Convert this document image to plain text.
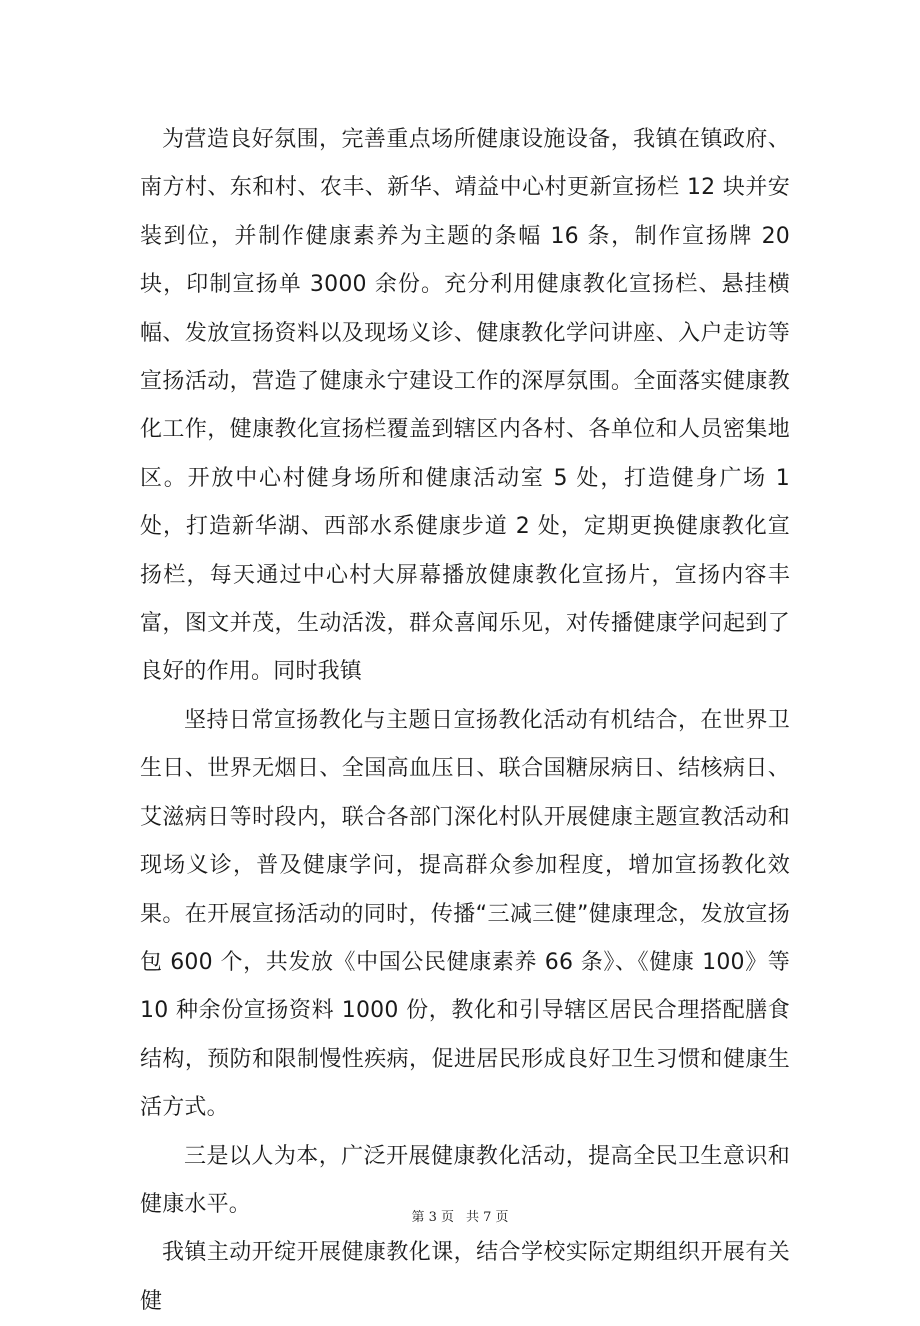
为营造良好氛围，完善重点场所健康设施设备，我镇在镇政府、南方村、东和村、农丰、新华、靖益中心村更新宣扬栏 12 块并安装到位，并制作健康素养为主题的条幅 16 条，制作宣扬牌 20 块，印制宣扬单 3000 余份。充分利用健康教化宣扬栏、悬挂横幅、发放宣扬资料以及现场义诊、健康教化学问讲座、入户走访等宣扬活动，营造了健康永宁建设工作的深厚氛围。全面落实健康教化工作，健康教化宣扬栏覆盖到辖区内各村、各单位和人员密集地区。开放中心村健身场所和健康活动室 5 处，打造健身广场 1 处，打造新华湖、西部水系健康步道 2 处，定期更换健康教化宣扬栏，每天通过中心村大屏幕播放健康教化宣扬片，宣扬内容丰富，图文并茂，生动活泼，群众喜闻乐见，对传播健康学问起到了良好的作用。同时我镇

坚持日常宣扬教化与主题日宣扬教化活动有机结合，在世界卫生日、世界无烟日、全国高血压日、联合国糖尿病日、结核病日、艾滋病日等时段内，联合各部门深化村队开展健康主题宣教活动和现场义诊，普及健康学问，提高群众参加程度，增加宣扬教化效果。在开展宣扬活动的同时，传播“三减三健”健康理念，发放宣扬包 600 个，共发放《中国公民健康素养 66 条》、《健康 100》等 10 种余份宣扬资料 1000 份，教化和引导辖区居民合理搭配膳食结构，预防和限制慢性疾病，促进居民形成良好卫生习惯和健康生活方式。

三是以人为本，广泛开展健康教化活动，提高全民卫生意识和健康水平。

我镇主动开绽开展健康教化课，结合学校实际定期组织开展有关健

第 3 页 共 7 页
